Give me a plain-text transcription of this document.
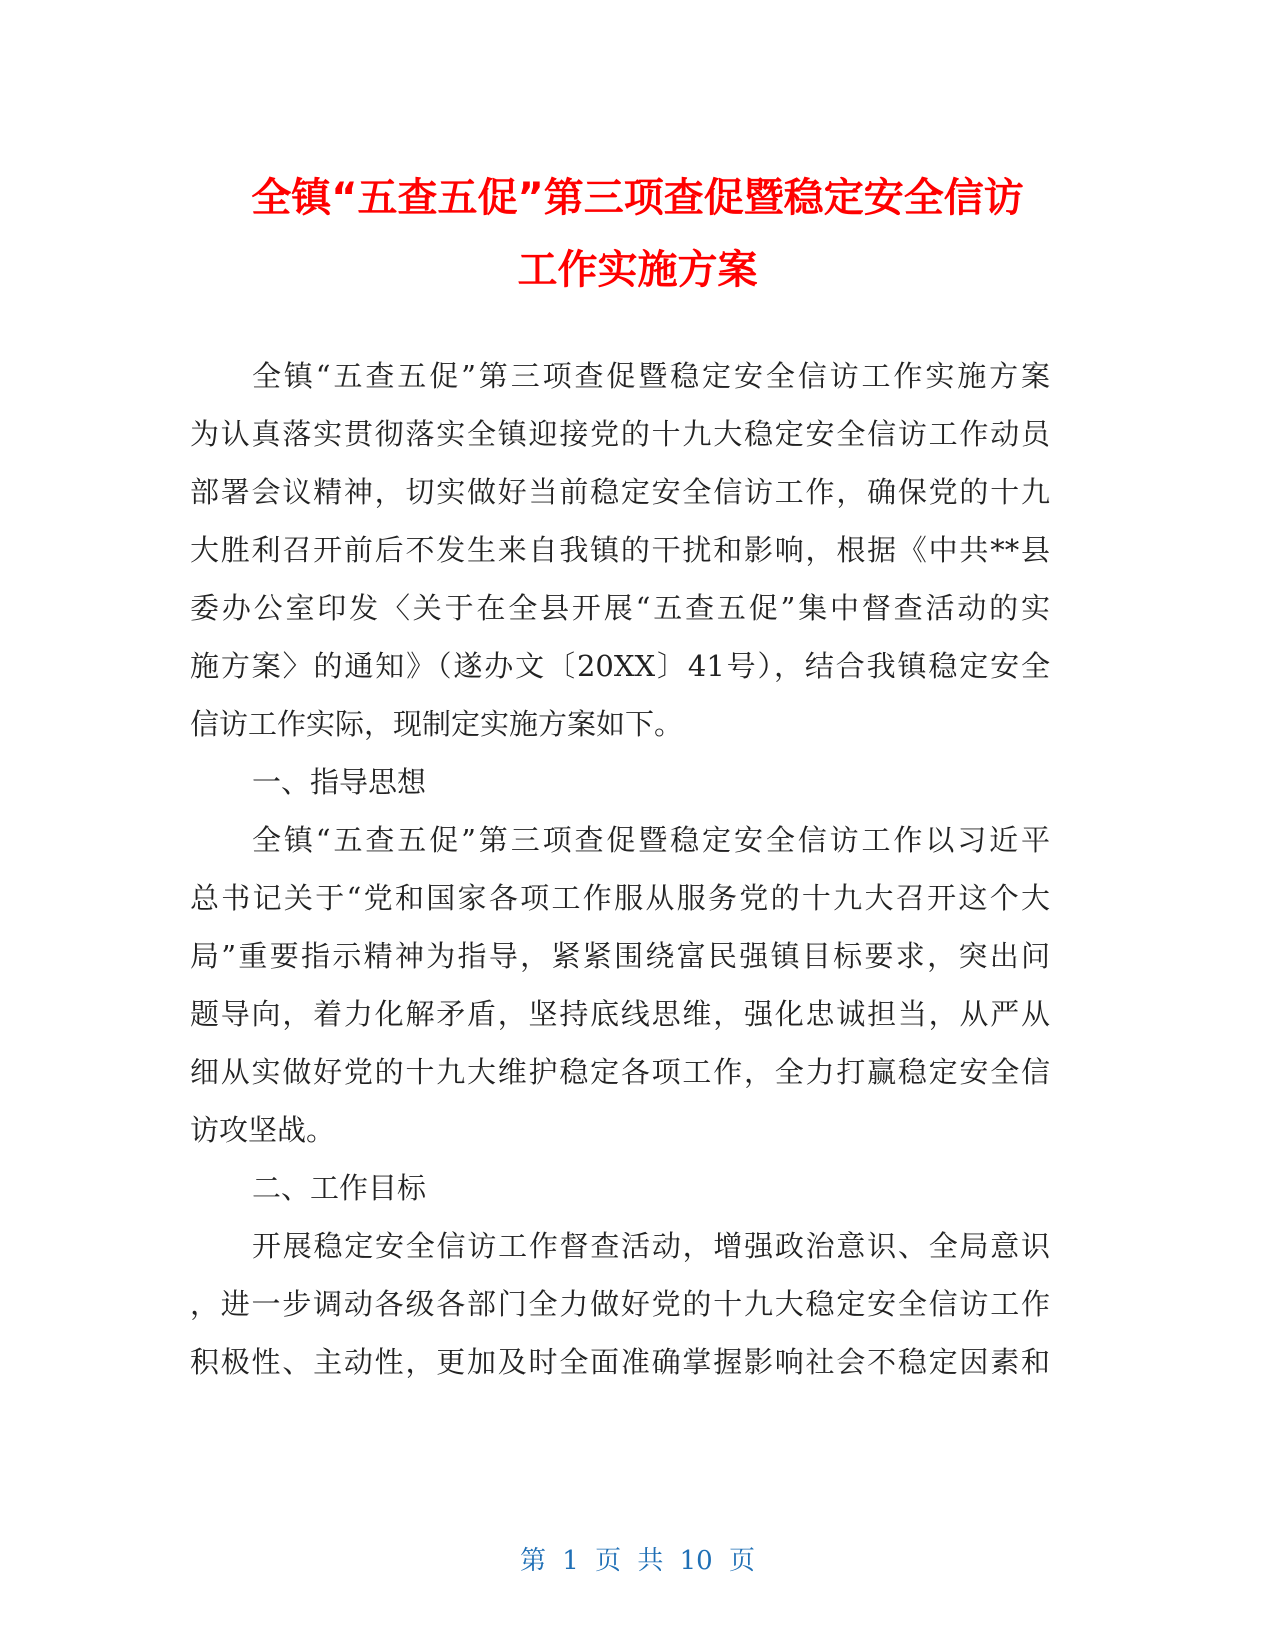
全镇“五查五促”第三项查促暨稳定安全信访
工作实施方案

全镇“五查五促”第三项查促暨稳定安全信访工作实施方案

为认真落实贯彻落实全镇迎接党的十九大稳定安全信访工作动员

部署会议精神，切实做好当前稳定安全信访工作，确保党的十九

大胜利召开前后不发生来自我镇的干扰和影响，根据《中共**县

委办公室印发〈关于在全县开展“五查五促”集中督查活动的实

施方案〉的通知》（遂办文〔20XX〕41号），结合我镇稳定安全

信访工作实际，现制定实施方案如下。

一、指导思想

全镇“五查五促”第三项查促暨稳定安全信访工作以习近平

总书记关于“党和国家各项工作服从服务党的十九大召开这个大

局”重要指示精神为指导，紧紧围绕富民强镇目标要求，突出问

题导向，着力化解矛盾，坚持底线思维，强化忠诚担当，从严从

细从实做好党的十九大维护稳定各项工作，全力打赢稳定安全信

访攻坚战。

二、工作目标

开展稳定安全信访工作督查活动，增强政治意识、全局意识

，进一步调动各级各部门全力做好党的十九大稳定安全信访工作

积极性、主动性，更加及时全面准确掌握影响社会不稳定因素和

第 1 页 共 10 页
